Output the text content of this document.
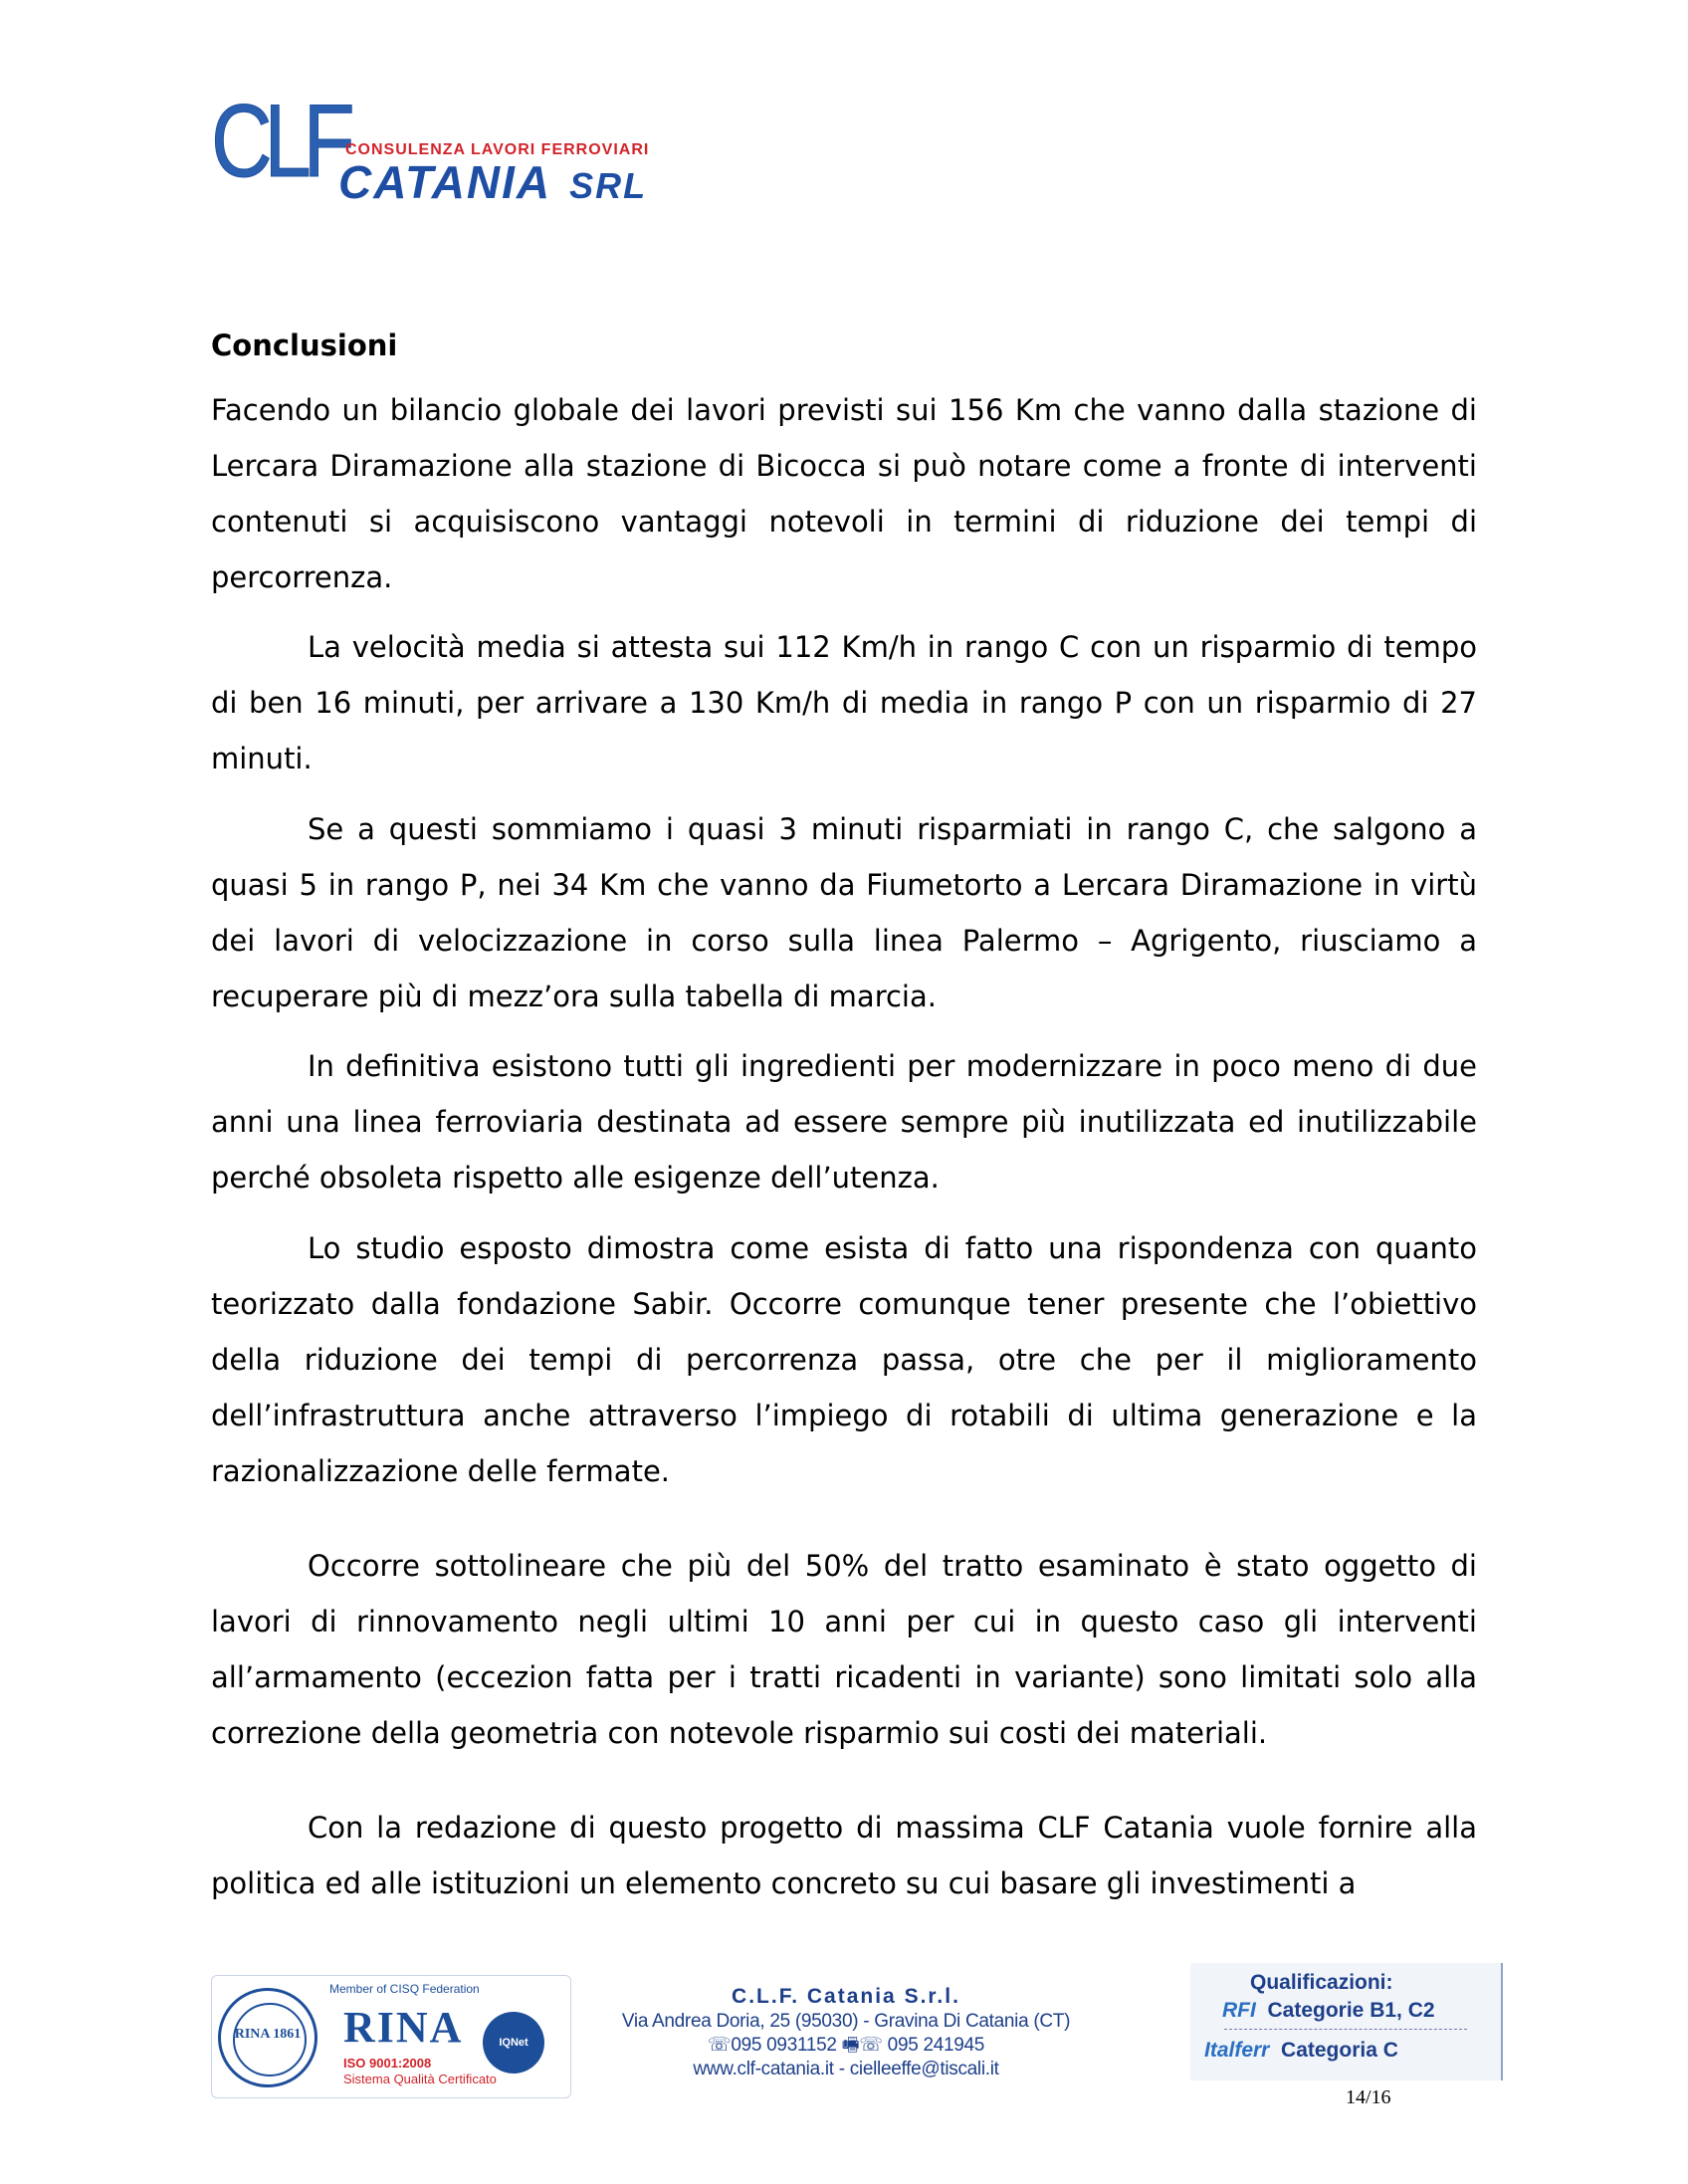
CLF
CONSULENZA LAVORI FERROVIARI
CATANIA SRL
Conclusioni

Facendo un bilancio globale dei lavori previsti sui 156 Km che vanno dalla stazione di Lercara Diramazione alla stazione di Bicocca si può notare come a fronte di interventi contenuti si acquisiscono vantaggi notevoli in termini di riduzione dei tempi di percorrenza.

La velocità media si attesta sui 112 Km/h in rango C con un risparmio di tempo di ben 16 minuti, per arrivare a 130 Km/h di media in rango P con un risparmio di 27 minuti.

Se a questi sommiamo i quasi 3 minuti risparmiati in rango C, che salgono a quasi 5 in rango P, nei 34 Km che vanno da Fiumetorto a Lercara Diramazione in virtù dei lavori di velocizzazione in corso sulla linea Palermo – Agrigento, riusciamo a recuperare più di mezz’ora sulla tabella di marcia.

In definitiva esistono tutti gli ingredienti per modernizzare in poco meno di due anni una linea ferroviaria destinata ad essere sempre più inutilizzata ed inutilizzabile perché obsoleta rispetto alle esigenze dell’utenza.

Lo studio esposto dimostra come esista di fatto una rispondenza con quanto teorizzato dalla fondazione Sabir. Occorre comunque tener presente che l’obiettivo della riduzione dei tempi di percorrenza passa, otre che per il miglioramento dell’infrastruttura anche attraverso l’impiego di rotabili di ultima generazione e la razionalizzazione delle fermate.

Occorre sottolineare che più del 50% del tratto esaminato è stato oggetto di lavori di rinnovamento negli ultimi 10 anni per cui in questo caso gli interventi all’armamento (eccezion fatta per i tratti ricadenti in variante) sono limitati solo alla correzione della geometria con notevole risparmio sui costi dei materiali.

Con la redazione di questo progetto di massima CLF Catania vuole fornire alla politica ed alle istituzioni un elemento concreto su cui basare gli investimenti a

RINA 1861
Member of CISQ Federation
RINA
ISO 9001:2008
Sistema Qualità Certificato
IQNet
C.L.F. Catania S.r.l.
Via Andrea Doria, 25 (95030) - Gravina Di Catania (CT)
☏095 0931152 🖷☏ 095 241945
www.clf-catania.it - cielleeffe@tiscali.it
Qualificazioni:
RFI Categorie B1, C2
Italferr Categoria C
14/16
